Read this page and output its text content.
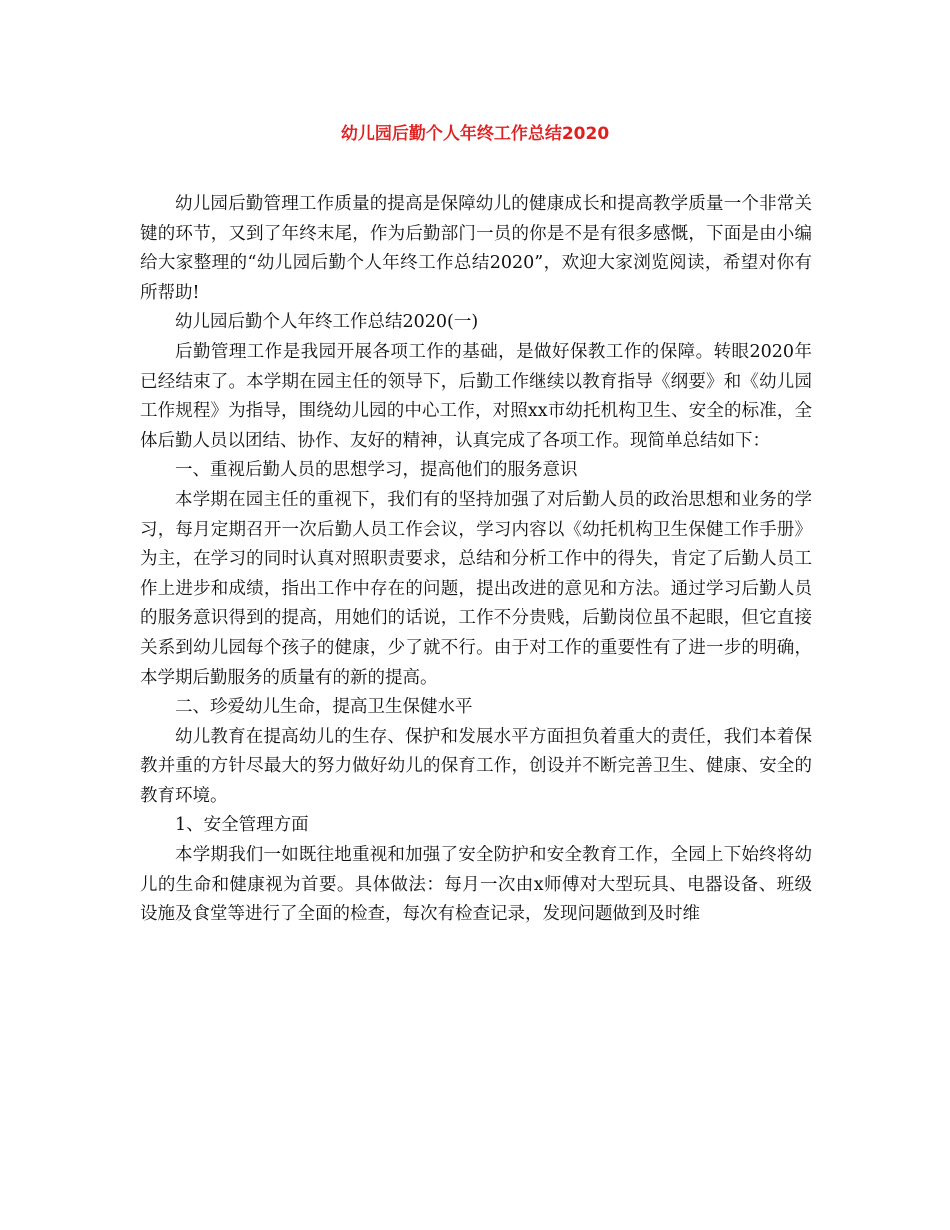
幼儿园后勤个人年终工作总结2020

幼儿园后勤管理工作质量的提高是保障幼儿的健康成长和提高教学质量一个非常关键的环节，又到了年终末尾，作为后勤部门一员的你是不是有很多感慨，下面是由小编给大家整理的“幼儿园后勤个人年终工作总结2020”，欢迎大家浏览阅读，希望对你有所帮助!

幼儿园后勤个人年终工作总结2020(一)

后勤管理工作是我园开展各项工作的基础，是做好保教工作的保障。转眼2020年已经结束了。本学期在园主任的领导下，后勤工作继续以教育指导《纲要》和《幼儿园工作规程》为指导，围绕幼儿园的中心工作，对照xx市幼托机构卫生、安全的标准，全体后勤人员以团结、协作、友好的精神，认真完成了各项工作。现简单总结如下：

一、重视后勤人员的思想学习，提高他们的服务意识

本学期在园主任的重视下，我们有的坚持加强了对后勤人员的政治思想和业务的学习，每月定期召开一次后勤人员工作会议，学习内容以《幼托机构卫生保健工作手册》为主，在学习的同时认真对照职责要求，总结和分析工作中的得失，肯定了后勤人员工作上进步和成绩，指出工作中存在的问题，提出改进的意见和方法。通过学习后勤人员的服务意识得到的提高，用她们的话说，工作不分贵贱，后勤岗位虽不起眼，但它直接关系到幼儿园每个孩子的健康，少了就不行。由于对工作的重要性有了进一步的明确，本学期后勤服务的质量有的新的提高。

二、珍爱幼儿生命，提高卫生保健水平

幼儿教育在提高幼儿的生存、保护和发展水平方面担负着重大的责任，我们本着保教并重的方针尽最大的努力做好幼儿的保育工作，创设并不断完善卫生、健康、安全的教育环境。

1、安全管理方面

本学期我们一如既往地重视和加强了安全防护和安全教育工作，全园上下始终将幼儿的生命和健康视为首要。具体做法：每月一次由x师傅对大型玩具、电器设备、班级设施及食堂等进行了全面的检查，每次有检查记录，发现问题做到及时维
